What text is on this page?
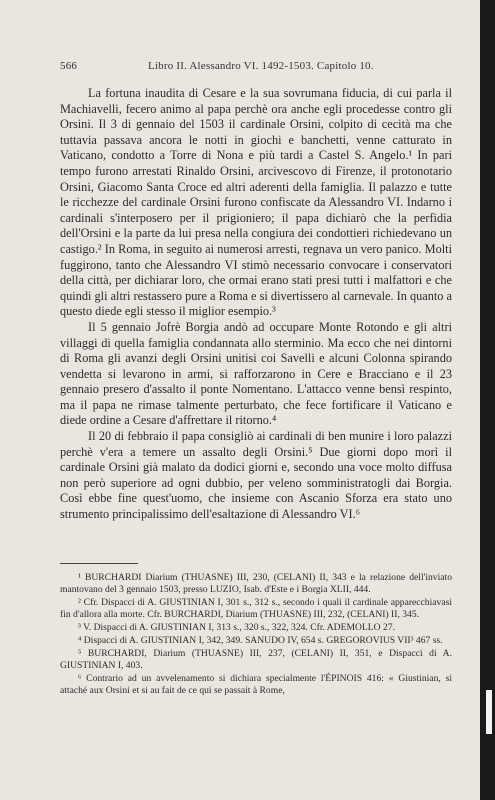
566	Libro II. Alessandro VI. 1492-1503. Capitolo 10.

La fortuna inaudita di Cesare e la sua sovrumana fiducia, di cui parla il Machiavelli, fecero animo al papa perchè ora anche egli procedesse contro gli Orsini. Il 3 di gennaio del 1503 il cardinale Orsini, colpito di cecità ma che tuttavia passava ancora le notti in giochi e banchetti, venne catturato in Vaticano, condotto a Torre di Nona e più tardi a Castel S. Angelo.¹ In pari tempo furono arrestati Rinaldo Orsini, arcivescovo di Firenze, il protonotario Orsini, Giacomo Santa Croce ed altri aderenti della famiglia. Il palazzo e tutte le ricchezze del cardinale Orsini furono confiscate da Alessandro VI. Indarno i cardinali s'interposero per il prigioniero; il papa dichiarò che la perfidia dell'Orsini e la parte da lui presa nella congiura dei condottieri richiedevano un castigo.² In Roma, in seguito ai numerosi arresti, regnava un vero panico. Molti fuggirono, tanto che Alessandro VI stimò necessario convocare i conservatori della città, per dichiarar loro, che ormai erano stati presi tutti i malfattori e che quindi gli altri restassero pure a Roma e si divertissero al carnevale. In quanto a questo diede egli stesso il miglior esempio.³

Il 5 gennaio Jofrè Borgia andò ad occupare Monte Rotondo e gli altri villaggi di quella famiglia condannata allo sterminio. Ma ecco che nei dintorni di Roma gli avanzi degli Orsini unitisi coi Savelli e alcuni Colonna spirando vendetta si levarono in armi, si rafforzarono in Cere e Bracciano e il 23 gennaio presero d'assalto il ponte Nomentano. L'attacco venne bensì respinto, ma il papa ne rimase talmente perturbato, che fece fortificare il Vaticano e diede ordine a Cesare d'affrettare il ritorno.⁴

Il 20 di febbraio il papa consigliò ai cardinali di ben munire i loro palazzi perchè v'era a temere un assalto degli Orsini.⁵ Due giorni dopo morì il cardinale Orsini già malato da dodici giorni e, secondo una voce molto diffusa non però superiore ad ogni dubbio, per veleno somministratogli dai Borgia. Così ebbe fine quest'uomo, che insieme con Ascanio Sforza era stato uno strumento principalissimo dell'esaltazione di Alessandro VI.⁶

¹ BURCHARDI Diarium (THUASNE) III, 230, (CELANI) II, 343 e la relazione dell'inviato mantovano del 3 gennaio 1503, presso LUZIO, Isab. d'Este e i Borgia XLII, 444.

² Cfr. Dispacci di A. GIUSTINIAN I, 301 s., 312 s., secondo i quali il cardinale apparecchiavasi fin d'allora alla morte. Cfr. BURCHARDI, Diarium (THUASNE) III, 232, (CELANI) II, 345.

³ V. Dispacci di A. GIUSTINIAN I, 313 s., 320 s., 322, 324. Cfr. ADEMOLLO 27.

⁴ Dispacci di A. GIUSTINIAN I, 342, 349. SANUDO IV, 654 s. GREGOROVIUS VII³ 467 ss.

⁵ BURCHARDI, Diarium (THUASNE) III, 237, (CELANI) II, 351, e Dispacci di A. GIUSTINIAN I, 403.

⁶ Contrario ad un avvelenamento si dichiara specialmente l'ÉPINOIS 416: « Giustinian, si attaché aux Orsini et si au fait de ce qui se passait à Rome,
